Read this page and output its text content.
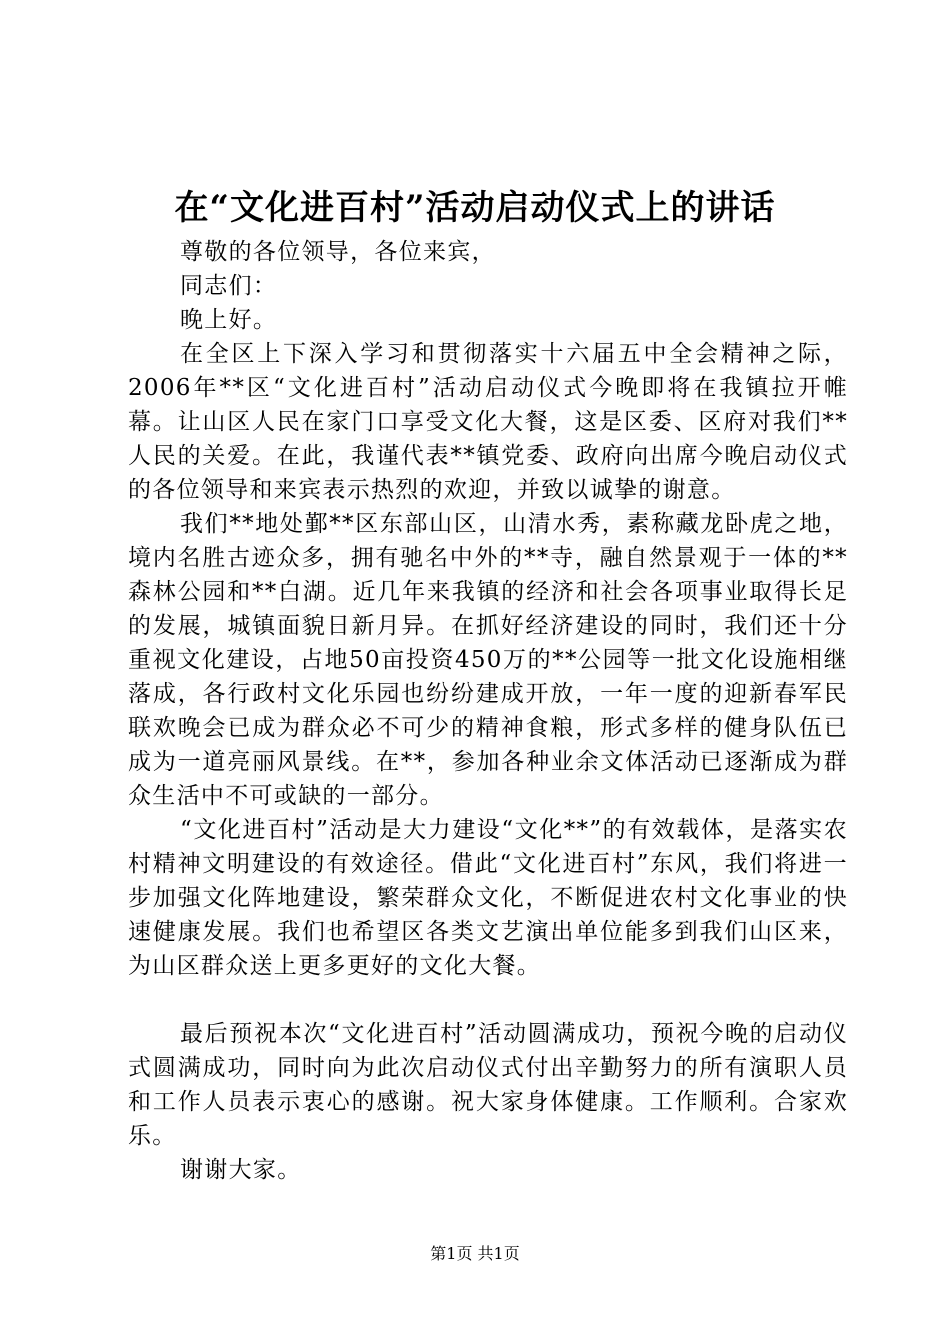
在“文化进百村”活动启动仪式上的讲话

尊敬的各位领导，各位来宾，

同志们：

晚上好。

在全区上下深入学习和贯彻落实十六届五中全会精神之际，2006年**区“文化进百村”活动启动仪式今晚即将在我镇拉开帷幕。让山区人民在家门口享受文化大餐，这是区委、区府对我们**人民的关爱。在此，我谨代表**镇党委、政府向出席今晚启动仪式的各位领导和来宾表示热烈的欢迎，并致以诚挚的谢意。

我们**地处鄞**区东部山区，山清水秀，素称藏龙卧虎之地，境内名胜古迹众多，拥有驰名中外的**寺，融自然景观于一体的**森林公园和**白湖。近几年来我镇的经济和社会各项事业取得长足的发展，城镇面貌日新月异。在抓好经济建设的同时，我们还十分重视文化建设，占地50亩投资450万的**公园等一批文化设施相继落成，各行政村文化乐园也纷纷建成开放，一年一度的迎新春军民联欢晚会已成为群众必不可少的精神食粮，形式多样的健身队伍已成为一道亮丽风景线。在**，参加各种业余文体活动已逐渐成为群众生活中不可或缺的一部分。

“文化进百村”活动是大力建设“文化**”的有效载体，是落实农村精神文明建设的有效途径。借此“文化进百村”东风，我们将进一步加强文化阵地建设，繁荣群众文化，不断促进农村文化事业的快速健康发展。我们也希望区各类文艺演出单位能多到我们山区来，为山区群众送上更多更好的文化大餐。

最后预祝本次“文化进百村”活动圆满成功，预祝今晚的启动仪式圆满成功，同时向为此次启动仪式付出辛勤努力的所有演职人员和工作人员表示衷心的感谢。祝大家身体健康。工作顺利。合家欢乐。

谢谢大家。

第1页 共1页
